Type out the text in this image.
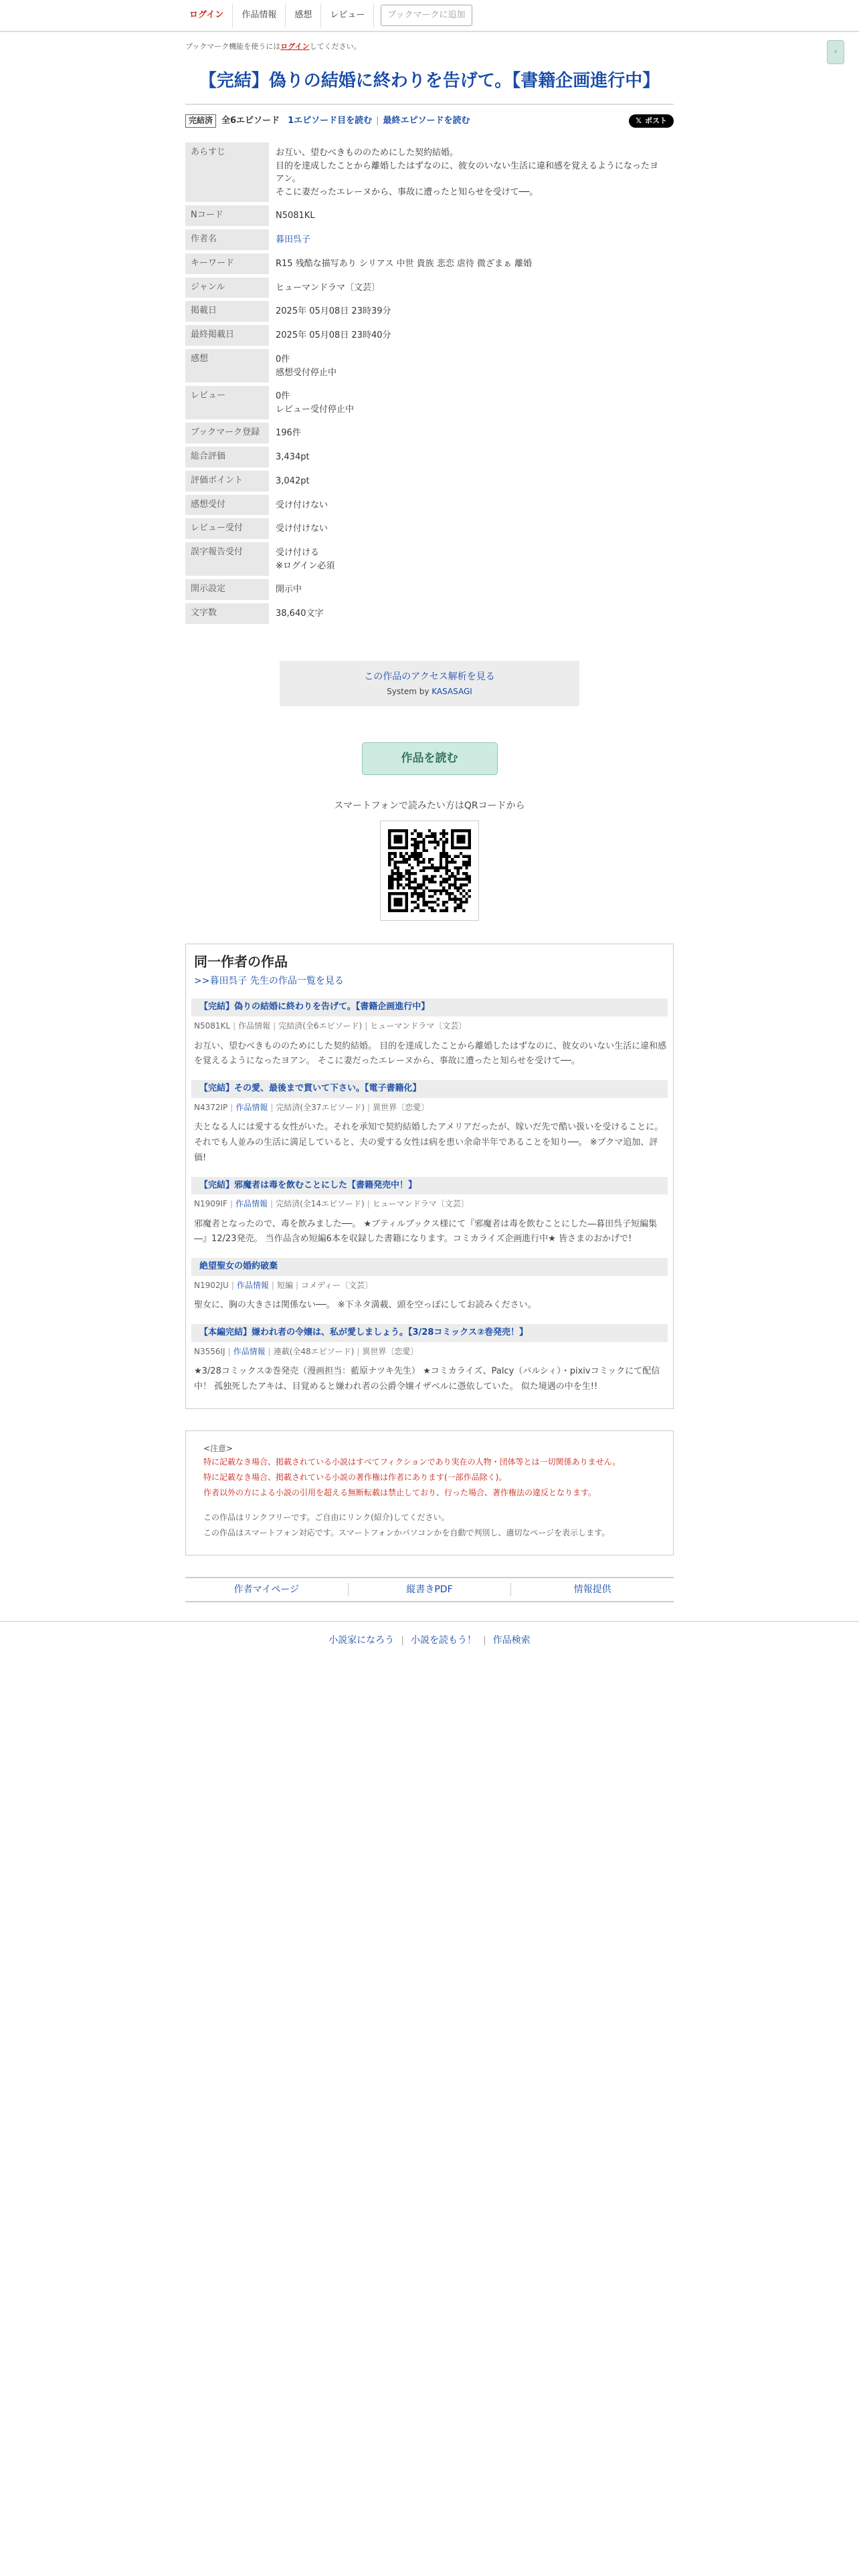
ログイン	作品情報	感想	レビュー	ブックマークに追加
‹
ブックマーク機能を使うにはログインしてください。
【完結】偽りの結婚に終わりを告げて。【書籍企画進行中】
完結済	全6エピソード 1エピソード目を読む | 最終エピソードを読む	𝕏 ポスト
あらすじ	お互い、望むべきもののためにした契約結婚。
目的を達成したことから離婚したはずなのに、彼女のいない生活に違和感を覚えるようになったヨアン。
そこに妻だったエレーヌから、事故に遭ったと知らせを受けて──。
Nコード	N5081KL
作者名	暮田呉子
キーワード	R15 残酷な描写あり シリアス 中世 貴族 悲恋 虐待 微ざまぁ 離婚
ジャンル	ヒューマンドラマ〔文芸〕
掲載日	2025年 05月08日 23時39分
最終掲載日	2025年 05月08日 23時40分
感想	0件
感想受付停止中
レビュー	0件
レビュー受付停止中
ブックマーク登録	196件
総合評価	3,434pt
評価ポイント	3,042pt
感想受付	受け付けない
レビュー受付	受け付けない
誤字報告受付	受け付ける
※ログイン必須
開示設定	開示中
文字数	38,640文字
この作品のアクセス解析を見る
System by KASASAGI
作品を読む
スマートフォンで読みたい方はQRコードから
同一作者の作品
>>暮田呉子 先生の作品一覧を見る
【完結】偽りの結婚に終わりを告げて。【書籍企画進行中】
N5081KL | 作品情報 | 完結済(全6エピソード) | ヒューマンドラマ〔文芸〕
お互い、望むべきもののためにした契約結婚。 目的を達成したことから離婚したはずなのに、彼女のいない生活に違和感を覚えるようになったヨアン。 そこに妻だったエレーヌから、事故に遭ったと知らせを受けて──。
【完結】その愛、最後まで貫いて下さい。【電子書籍化】
N4372IP | 作品情報 | 完結済(全37エピソード) | 異世界〔恋愛〕
夫となる人には愛する女性がいた。それを承知で契約結婚したアメリアだったが、嫁いだ先で酷い扱いを受けることに。それでも人並みの生活に満足していると、夫の愛する女性は病を患い余命半年であることを知り──。 ※ブクマ追加、評価!
【完結】邪魔者は毒を飲むことにした【書籍発売中！】
N1909IF | 作品情報 | 完結済(全14エピソード) | ヒューマンドラマ〔文芸〕
邪魔者となったので、毒を飲みました──。 ★ブティルブックス様にて『邪魔者は毒を飲むことにした―暮田呉子短編集―』12/23発売。 当作品含め短編6本を収録した書籍になります。コミカライズ企画進行中★ 皆さまのおかげで!
絶望聖女の婚約破棄
N1902JU | 作品情報 | 短編 | コメディー〔文芸〕
聖女に、胸の大きさは関係ない──。 ※下ネタ満載、頭を空っぽにしてお読みください。
【本編完結】嫌われ者の令嬢は、私が愛しましょう。【3/28コミックス②巻発売！】
N3556IJ | 作品情報 | 連載(全48エピソード) | 異世界〔恋愛〕
★3/28コミックス②巻発売（漫画担当：藍原ナツキ先生） ★コミカライズ、Palcy（パルシィ）・pixivコミックにて配信中！ 孤独死したアキは、目覚めると嫌われ者の公爵令嬢イザベルに憑依していた。 似た境遇の中を生!!
<注意>
特に記載なき場合、掲載されている小説はすべてフィクションであり実在の人物・団体等とは一切関係ありません。
特に記載なき場合、掲載されている小説の著作権は作者にあります(一部作品除く)。
作者以外の方による小説の引用を超える無断転載は禁止しており、行った場合、著作権法の違反となります。
この作品はリンクフリーです。ご自由にリンク(紹介)してください。
この作品はスマートフォン対応です。スマートフォンかパソコンかを自動で判別し、適切なページを表示します。
作者マイページ	縦書きPDF	情報提供
小説家になろう | 小説を読もう！ | 作品検索
